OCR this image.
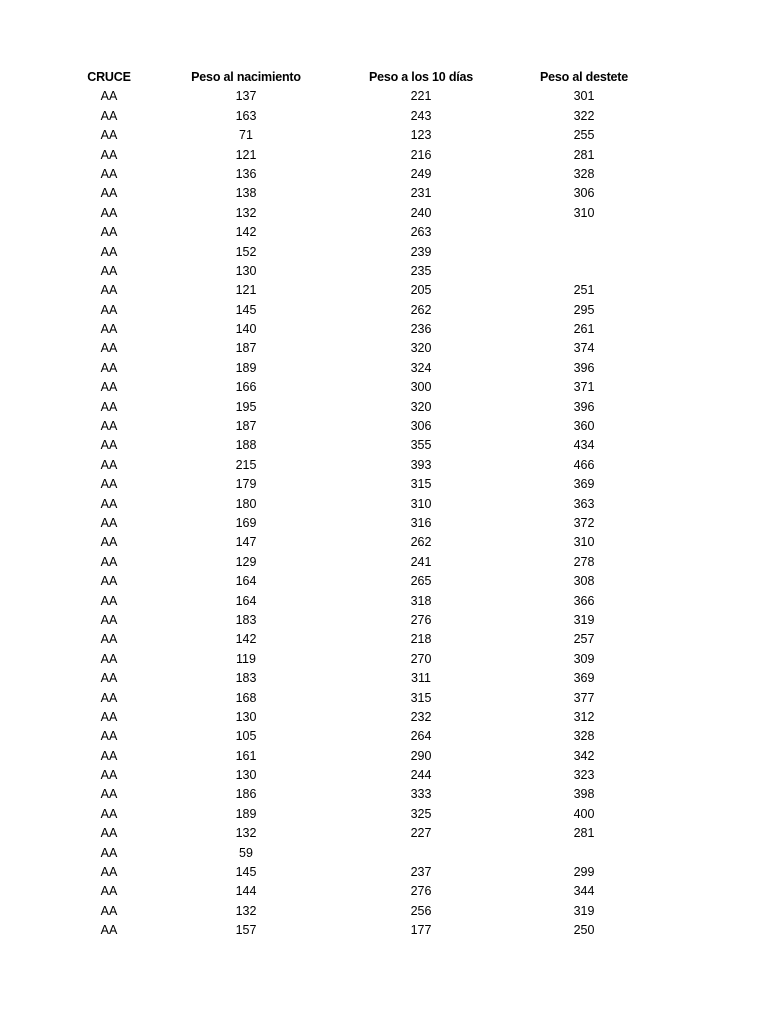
CRUCE	Peso al nacimiento	Peso a los 10 días	Peso al destete
AA	137	221	301
AA	163	243	322
AA	71	123	255
AA	121	216	281
AA	136	249	328
AA	138	231	306
AA	132	240	310
AA	142	263
AA	152	239
AA	130	235
AA	121	205	251
AA	145	262	295
AA	140	236	261
AA	187	320	374
AA	189	324	396
AA	166	300	371
AA	195	320	396
AA	187	306	360
AA	188	355	434
AA	215	393	466
AA	179	315	369
AA	180	310	363
AA	169	316	372
AA	147	262	310
AA	129	241	278
AA	164	265	308
AA	164	318	366
AA	183	276	319
AA	142	218	257
AA	119	270	309
AA	183	311	369
AA	168	315	377
AA	130	232	312
AA	105	264	328
AA	161	290	342
AA	130	244	323
AA	186	333	398
AA	189	325	400
AA	132	227	281
AA	59
AA	145	237	299
AA	144	276	344
AA	132	256	319
AA	157	177	250
